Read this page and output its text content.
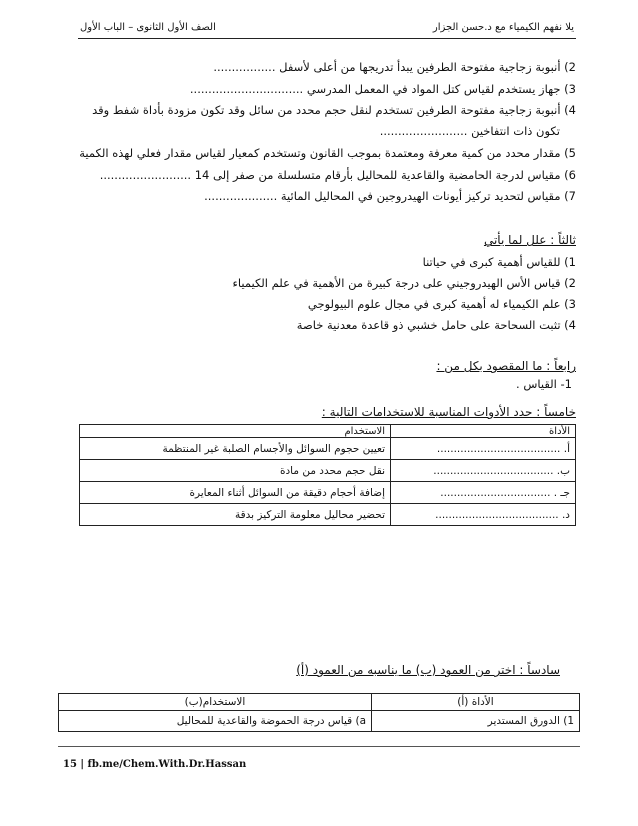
يلا نفهم الكيمياء مع د.حسن الجزار
الصف الأول الثانوى – الباب الأول
2) أنبوبة زجاجية مفتوحة الطرفين يبدأ تدريجها من أعلى لأسفل .................
3) جهاز يستخدم لقياس كتل المواد في المعمل المدرسي ...............................
4) أنبوبة زجاجية مفتوحة الطرفين تستخدم لنقل حجم محدد من سائل وقد تكون مزودة بأداة شفط وقد
تكون ذات انتفاخين ........................
5) مقدار محدد من كمية معرفة ومعتمدة بموجب القانون وتستخدم كمعيار لقياس مقدار فعلي لهذه الكمية
6) مقياس لدرجة الحامضية والقاعدية للمحاليل بأرقام متسلسلة من صفر إلى 14 .........................
7) مقياس لتحديد تركيز أيونات الهيدروجين في المحاليل المائية ....................
ثالثاً : علل لما يأتي
1) للقياس أهمية كبرى في حياتنا
2) قياس الأس الهيدروجيني على درجة كبيرة من الأهمية في علم الكيمياء
3) علم الكيمياء له أهمية كبرى في مجال علوم البيولوجي
4) تثبت السحاحة على حامل خشبي ذو قاعدة معدنية خاصة
رابعاً : ما المقصود بكل من :
1- القياس .
خامساً : حدد الأدوات المناسبة للاستخدامات التالية :
الأداة	الاستخدام
أ. .....................................	تعيين حجوم السوائل والأجسام الصلبة غير المنتظمة
ب. ....................................	نقل حجم محدد من مادة
جـ . .................................	إضافة أحجام دقيقة من السوائل أثناء المعايرة
د. .....................................	تحضير محاليل معلومة التركيز بدقة
سادساً : اختر من العمود (ب) ما يناسبه من العمود (أ)
الأداة (أ)	الاستخدام(ب)
1) الدورق المستدير	a) قياس درجة الحموضة والقاعدية للمحاليل
15 | fb.me/Chem.With.Dr.Hassan
